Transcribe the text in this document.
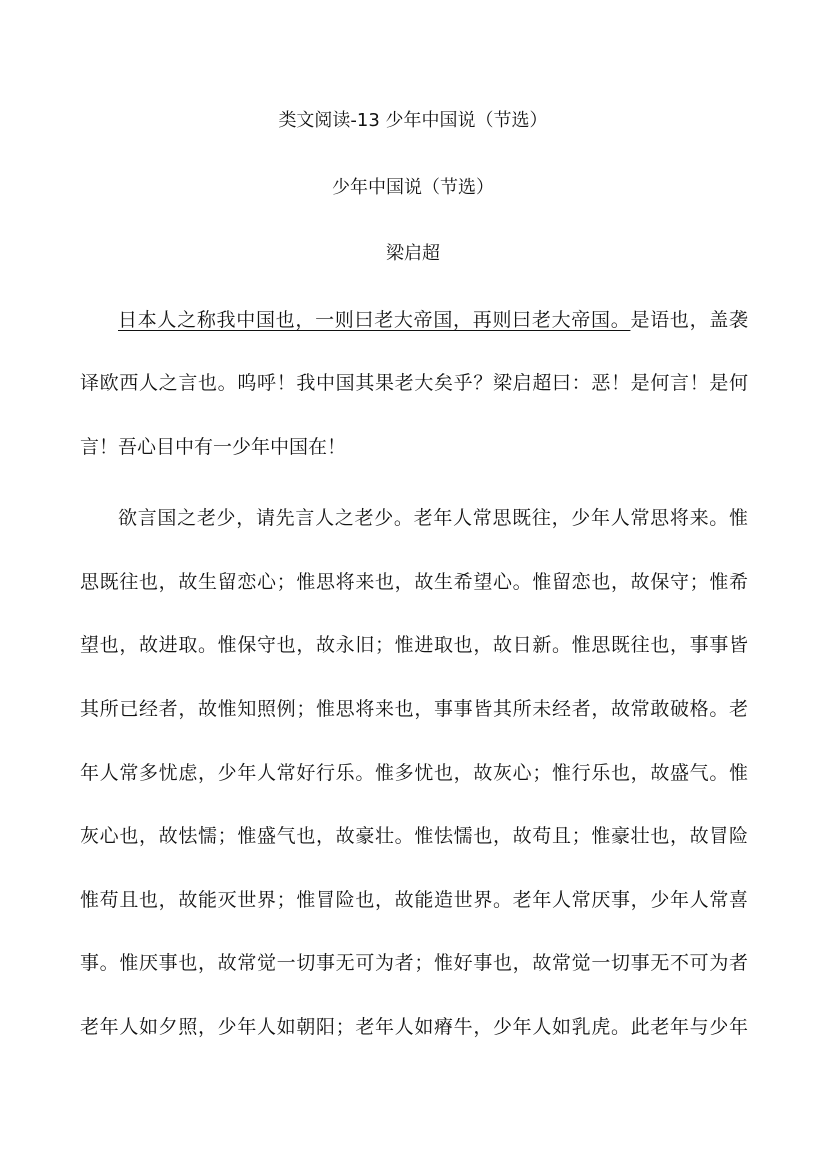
类文阅读-13 少年中国说（节选）
少年中国说（节选）
梁启超
日本人之称我中国也，一则曰老大帝国，再则曰老大帝国。是语也，盖袭
译欧西人之言也。呜呼！我中国其果老大矣乎？梁启超曰：恶！是何言！是何
言！吾心目中有一少年中国在！
欲言国之老少，请先言人之老少。老年人常思既往，少年人常思将来。惟
思既往也，故生留恋心；惟思将来也，故生希望心。惟留恋也，故保守；惟希
望也，故进取。惟保守也，故永旧；惟进取也，故日新。惟思既往也，事事皆
其所已经者，故惟知照例；惟思将来也，事事皆其所未经者，故常敢破格。老
年人常多忧虑，少年人常好行乐。惟多忧也，故灰心；惟行乐也，故盛气。惟
灰心也，故怯懦；惟盛气也，故豪壮。惟怯懦也，故苟且；惟豪壮也，故冒险
惟苟且也，故能灭世界；惟冒险也，故能造世界。老年人常厌事，少年人常喜
事。惟厌事也，故常觉一切事无可为者；惟好事也，故常觉一切事无不可为者
老年人如夕照，少年人如朝阳；老年人如瘠牛，少年人如乳虎。此老年与少年
